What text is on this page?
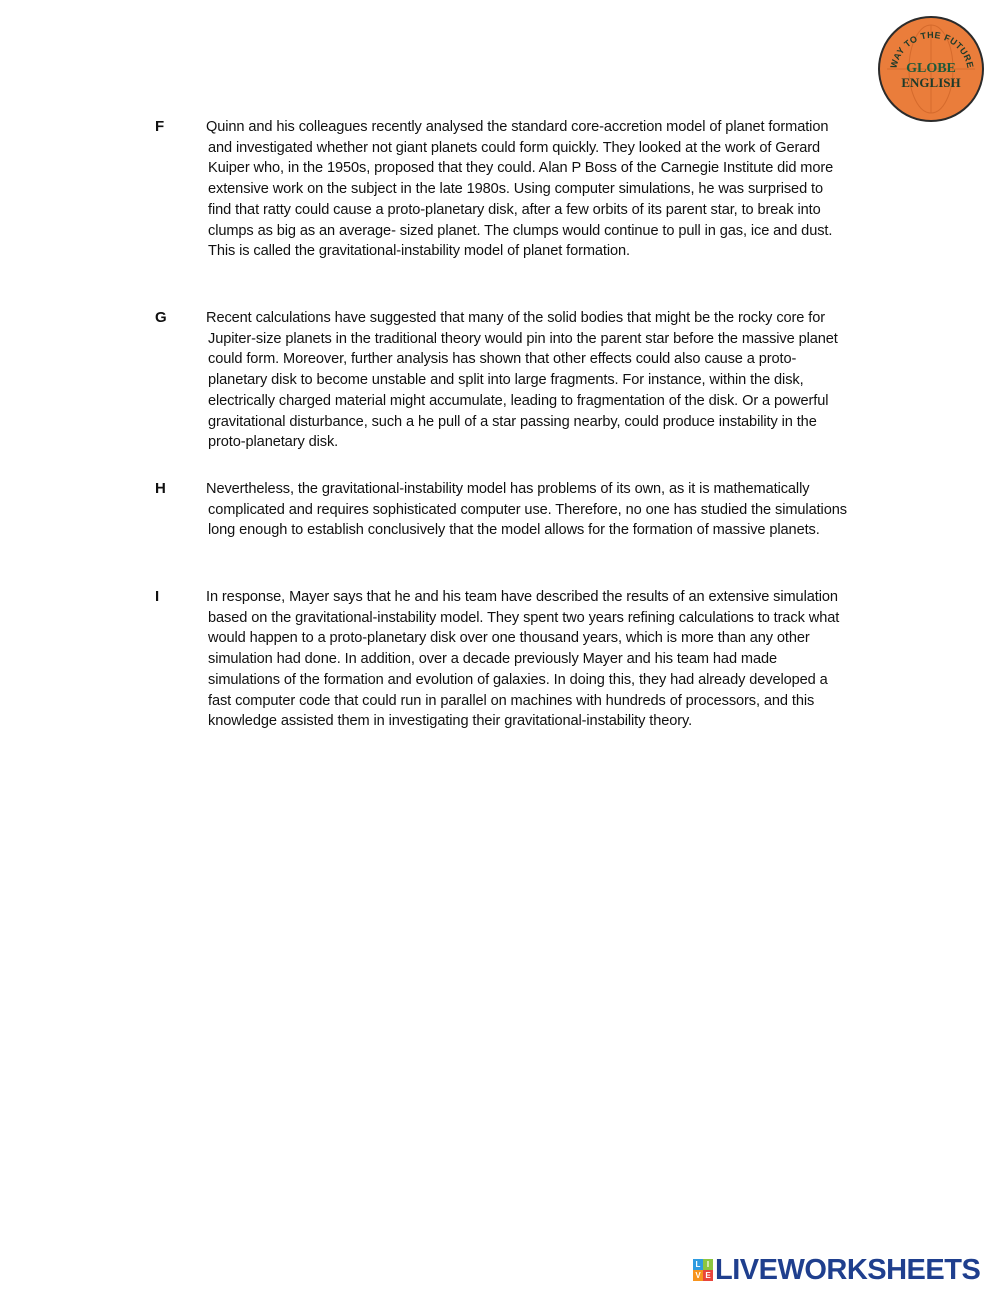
WAY TO THE FUTURE
GLOBE
ENGLISH
F	Quinn and his colleagues recently analysed the standard core-accretion model of planet formation and investigated whether not giant planets could form quickly. They looked at the work of Gerard Kuiper who, in the 1950s, proposed that they could. Alan P Boss of the Carnegie Institute did more extensive work on the subject in the late 1980s. Using computer simulations, he was surprised to find that ratty could cause a proto-planetary disk, after a few orbits of its parent star, to break into clumps as big as an average- sized planet. The clumps would continue to pull in gas, ice and dust. This is called the gravitational-instability model of planet formation.
G	Recent calculations have suggested that many of the solid bodies that might be the rocky core for Jupiter-size planets in the traditional theory would pin into the parent star before the massive planet could form. Moreover, further analysis has shown that other effects could also cause a proto-planetary disk to become unstable and split into large fragments. For instance, within the disk, electrically charged material might accumulate, leading to fragmentation of the disk. Or a powerful gravitational disturbance, such a he pull of a star passing nearby, could produce instability in the proto-planetary disk.
H	Nevertheless, the gravitational-instability model has problems of its own, as it is mathematically complicated and requires sophisticated computer use. Therefore, no one has studied the simulations long enough to establish conclusively that the model allows for the formation of massive planets.
I	In response, Mayer says that he and his team have described the results of an extensive simulation based on the gravitational-instability model. They spent two years refining calculations to track what would happen to a proto-planetary disk over one thousand years, which is more than any other simulation had done. In addition, over a decade previously Mayer and his team had made simulations of the formation and evolution of galaxies. In doing this, they had already developed a fast computer code that could run in parallel on machines with hundreds of processors, and this knowledge assisted them in investigating their gravitational-instability theory.
L I
V E LIVEWORKSHEETS
